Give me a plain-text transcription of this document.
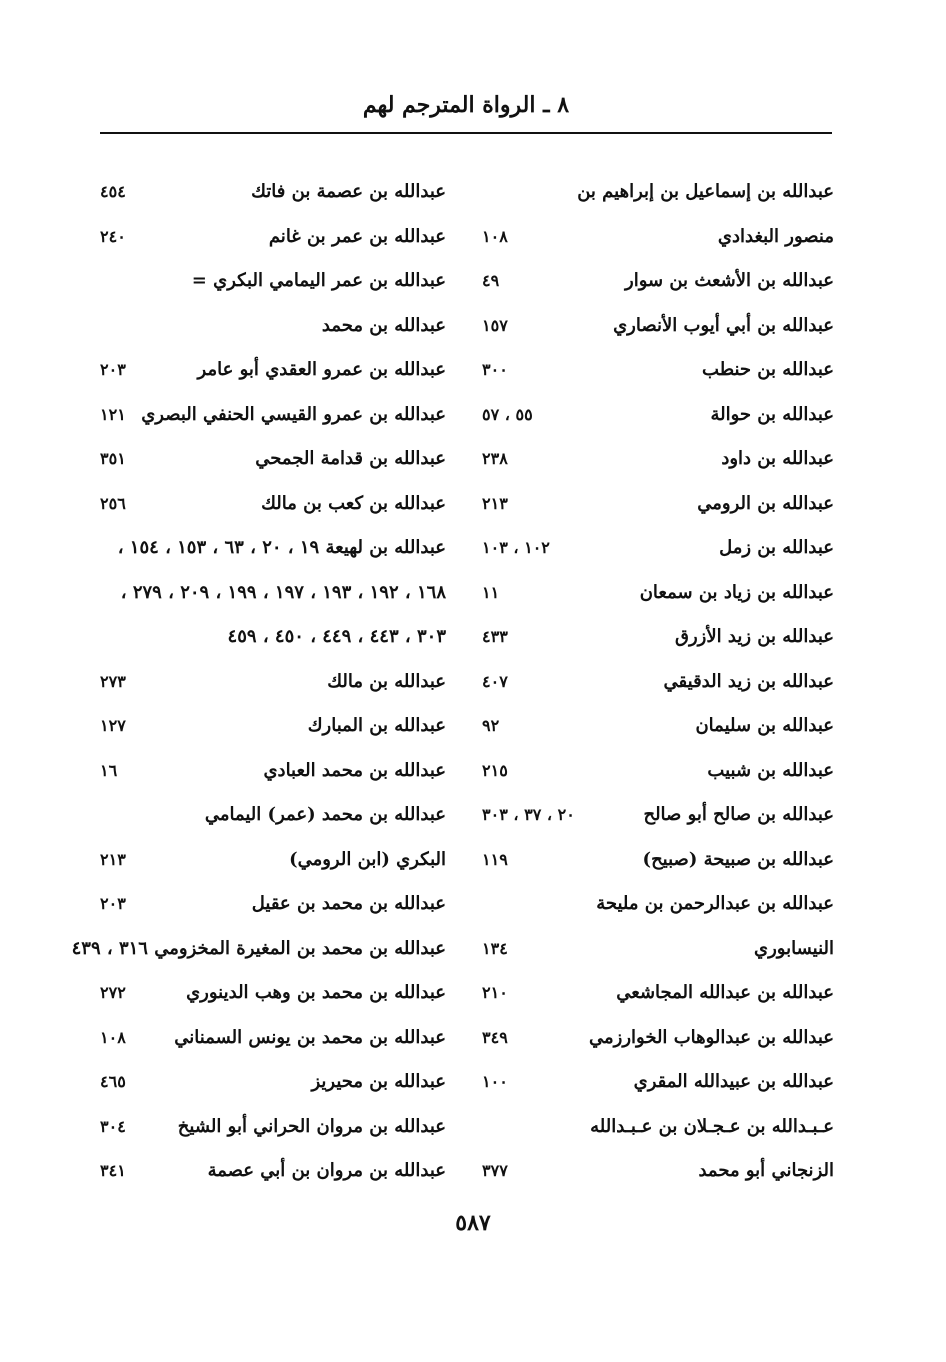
٨ ـ الرواة المترجم لهم
عبدالله بن إسماعيل بن إبراهيم بن
منصور البغدادي
١٠٨
عبدالله بن الأشعث بن سوار
٤٩
عبدالله بن أبي أيوب الأنصاري
١٥٧
عبدالله بن حنطب
٣٠٠
عبدالله بن حوالة
٥٥ ، ٥٧
عبدالله بن داود
٢٣٨
عبدالله بن الرومي
٢١٣
عبدالله بن زمل
١٠٢ ، ١٠٣
عبدالله بن زياد بن سمعان
١١
عبدالله بن زيد الأزرق
٤٣٣
عبدالله بن زيد الدقيقي
٤٠٧
عبدالله بن سليمان
٩٢
عبدالله بن شبيب
٢١٥
عبدالله بن صالح أبو صالح
٢٠ ، ٣٧ ، ٣٠٣
عبدالله بن صبيحة (صبيح)
١١٩
عبدالله بن عبدالرحمن بن مليحة
النيسابوري
١٣٤
عبدالله بن عبدالله المجاشعي
٢١٠
عبدالله بن عبدالوهاب الخوارزمي
٣٤٩
عبدالله بن عبيدالله المقري
١٠٠
عـبـدالله بن عـجـلان بن عـبـدالله
الزنجاني أبو محمد
٣٧٧
عبدالله بن عصمة بن فاتك
٤٥٤
عبدالله بن عمر بن غانم
٢٤٠
عبدالله بن عمر اليمامي البكري =
عبدالله بن محمد
عبدالله بن عمرو العقدي أبو عامر
٢٠٣
عبدالله بن عمرو القيسي الحنفي البصري
١٢١
عبدالله بن قدامة الجمحي
٣٥١
عبدالله بن كعب بن مالك
٢٥٦
عبدالله بن لهيعة ١٩ ، ٢٠ ، ٦٣ ، ١٥٣ ، ١٥٤ ،
١٦٨ ، ١٩٢ ، ١٩٣ ، ١٩٧ ، ١٩٩ ، ٢٠٩ ، ٢٧٩ ،
٣٠٣ ، ٤٤٣ ، ٤٤٩ ، ٤٥٠ ، ٤٥٩
عبدالله بن مالك
٢٧٣
عبدالله بن المبارك
١٢٧
عبدالله بن محمد العبادي
١٦
عبدالله بن محمد (عمر) اليمامي
البكري (ابن الرومي)
٢١٣
عبدالله بن محمد بن عقيل
٢٠٣
عبدالله بن محمد بن المغيرة المخزومي ٣١٦ ، ٤٣٩
عبدالله بن محمد بن وهب الدينوري
٢٧٢
عبدالله بن محمد بن يونس السمناني
١٠٨
عبدالله بن محيريز
٤٦٥
عبدالله بن مروان الحراني أبو الشيخ
٣٠٤
عبدالله بن مروان بن أبي عصمة
٣٤١
٥٨٧
